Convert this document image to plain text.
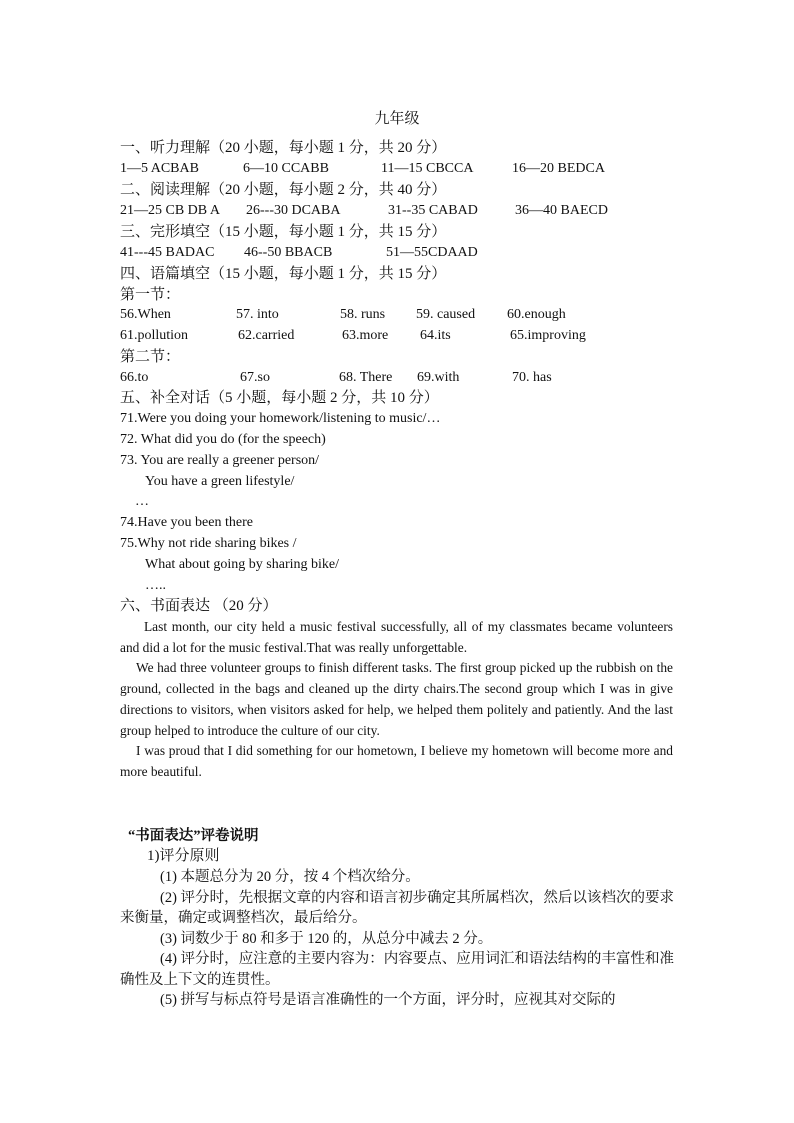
九年级
一、听力理解（20 小题，每小题 1 分，共 20 分）
1—5 ACBAB	6—10 CCABB	11—15 CBCCA	16—20 BEDCA
二、阅读理解（20 小题，每小题 2 分，共 40 分）
21—25 CB DB A 26---30 DCABA	31--35 CABAD	36—40 BAECD
三、完形填空（15 小题，每小题 1 分，共 15 分）
41---45 BADAC 46--50 BBACB	51—55CDAAD
四、语篇填空（15 小题，每小题 1 分，共 15 分）
第一节：
56.When	57. into	58. runs 59. caused 60.enough
61.pollution	62.carried	63.more 64.its	65.improving
第二节：
66.to	67.so	68. There 69.with	70. has
五、补全对话（5 小题，每小题 2 分，共 10 分）
71.Were you doing your homework/listening to music/…
72. What did you do (for the speech)
73. You are really a greener person/
You have a green lifestyle/
…
74.Have you been there
75.Why not ride sharing bikes /
What about going by sharing bike/
…..
六、书面表达 （20 分）

Last month, our city held a music festival successfully, all of my classmates became volunteers and did a lot for the music festival.That was really unforgettable.

We had three volunteer groups to finish different tasks. The first group picked up the rubbish on the ground, collected in the bags and cleaned up the dirty chairs.The second group which I was in give directions to visitors, when visitors asked for help, we helped them politely and patiently. And the last group helped to introduce the culture of our city.

I was proud that I did something for our hometown, I believe my hometown will become more and more beautiful.

“书面表达”评卷说明
1)评分原则

(1) 本题总分为 20 分，按 4 个档次给分。

(2) 评分时，先根据文章的内容和语言初步确定其所属档次，然后以该档次的要求来衡量，确定或调整档次，最后给分。

(3) 词数少于 80 和多于 120 的，从总分中减去 2 分。

(4) 评分时，应注意的主要内容为：内容要点、应用词汇和语法结构的丰富性和准确性及上下文的连贯性。

(5) 拼写与标点符号是语言准确性的一个方面，评分时，应视其对交际的
